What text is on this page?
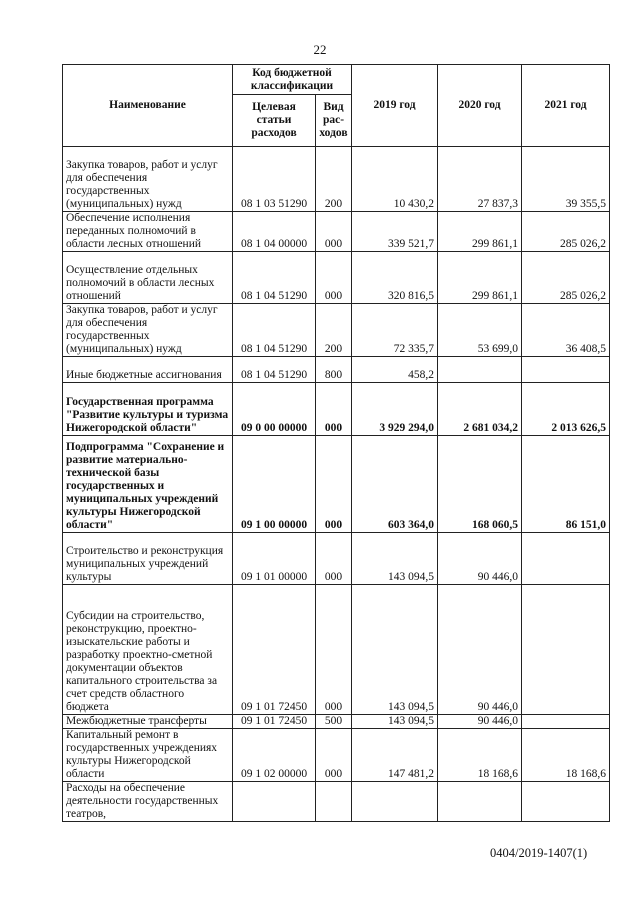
22
Наименование	Код бюджетной классификации		2019 год	2020 год	2021 год
	Целевая статьи расходов	Вид рас- ходов			
Закупка товаров, работ и услуг для обеспечения государственных (муниципальных) нужд	08 1 03 51290	200	10 430,2	27 837,3	39 355,5
Обеспечение исполнения переданных полномочий в области лесных отношений	08 1 04 00000	000	339 521,7	299 861,1	285 026,2
Осуществление отдельных полномочий в области лесных отношений	08 1 04 51290	000	320 816,5	299 861,1	285 026,2
Закупка товаров, работ и услуг для обеспечения государственных (муниципальных) нужд	08 1 04 51290	200	72 335,7	53 699,0	36 408,5
Иные бюджетные ассигнования	08 1 04 51290	800	458,2		
Государственная программа "Развитие культуры и туризма Нижегородской области"	09 0 00 00000	000	3 929 294,0	2 681 034,2	2 013 626,5
Подпрограмма "Сохранение и развитие материально-технической базы государственных и муниципальных учреждений культуры Нижегородской области"	09 1 00 00000	000	603 364,0	168 060,5	86 151,0
Строительство и реконструкция муниципальных учреждений культуры	09 1 01 00000	000	143 094,5	90 446,0	
Субсидии на строительство, реконструкцию, проектно-изыскательские работы и разработку проектно-сметной документации объектов капитального строительства за счет средств областного бюджета	09 1 01 72450	000	143 094,5	90 446,0	
Межбюджетные трансферты	09 1 01 72450	500	143 094,5	90 446,0	
Капитальный ремонт в государственных учреждениях культуры Нижегородской области	09 1 02 00000	000	147 481,2	18 168,6	18 168,6
Расходы на обеспечение деятельности государственных театров,					
0404/2019-1407(1)
